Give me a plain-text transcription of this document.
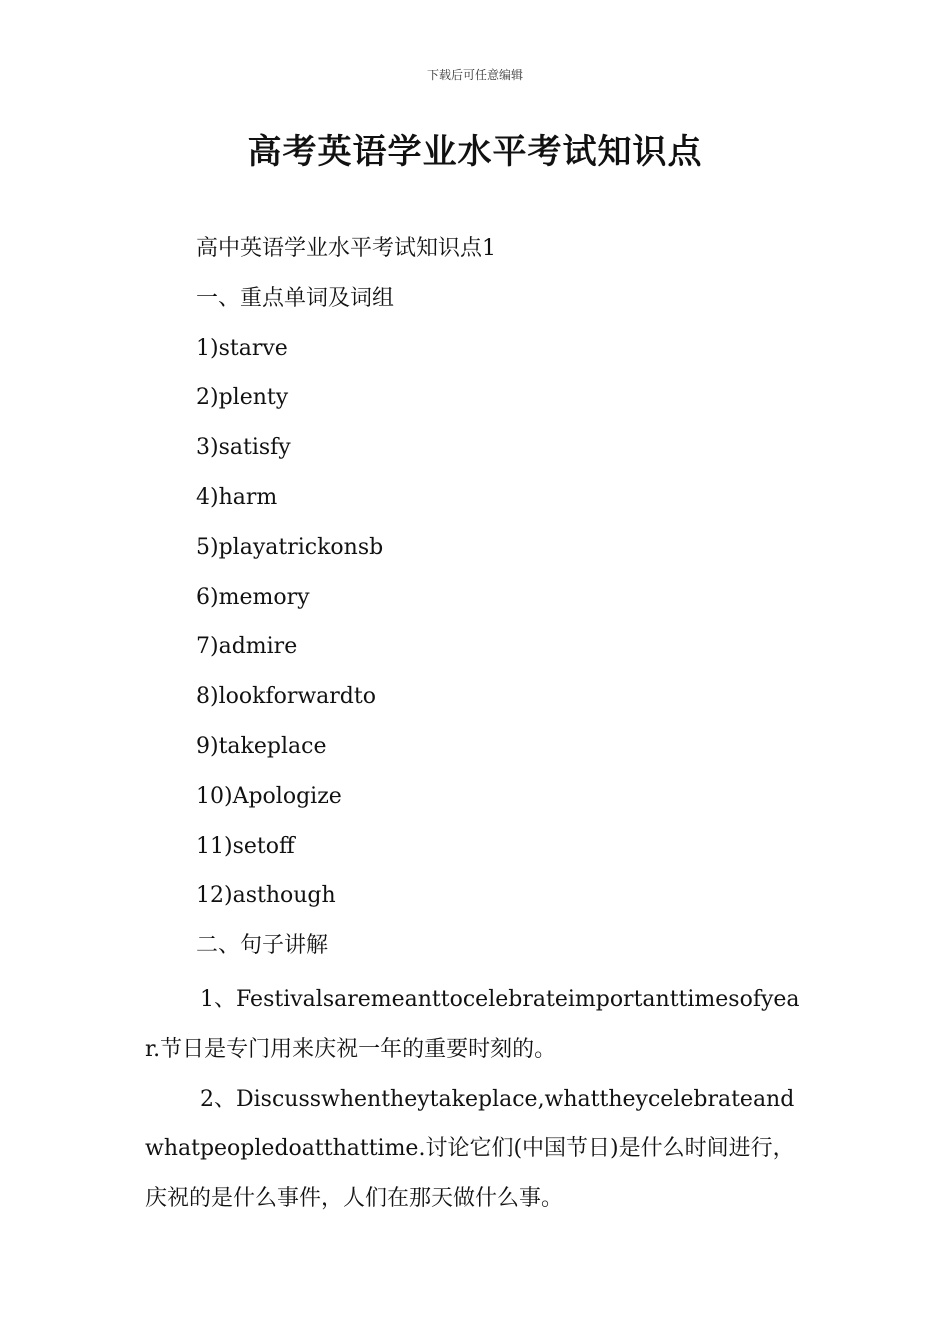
下载后可任意编辑
高考英语学业水平考试知识点
高中英语学业水平考试知识点1
一、重点单词及词组
1)starve
2)plenty
3)satisfy
4)harm
5)playatrickonsb
6)memory
7)admire
8)lookforwardto
9)takeplace
10)Apologize
11)setoff
12)asthough
二、句子讲解

1、Festivalsaremeanttocelebrateimportanttimesofyear.节日是专门用来庆祝一年的重要时刻的。

2、Discusswhentheytakeplace,whattheycelebrateandwhatpeopledoatthattime.讨论它们(中国节日)是什么时间进行，庆祝的是什么事件，人们在那天做什么事。
